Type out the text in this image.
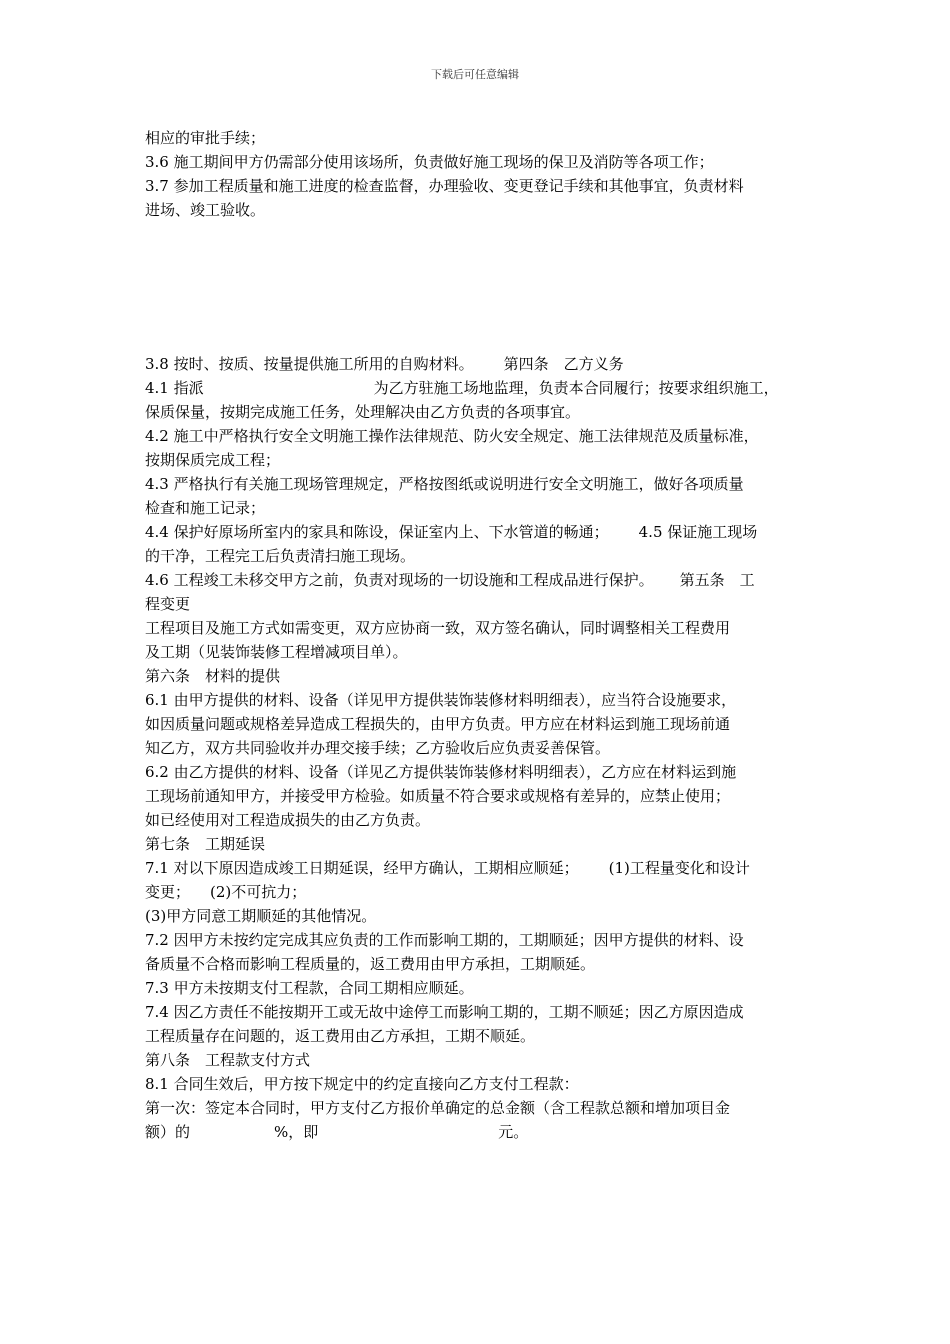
下载后可任意编辑

相应的审批手续；

3.6 施工期间甲方仍需部分使用该场所，负责做好施工现场的保卫及消防等各项工作；

3.7 参加工程质量和施工进度的检查监督，办理验收、变更登记手续和其他事宜，负责材料
进场、竣工验收。

3.8 按时、按质、按量提供施工所用的自购材料。 第四条　乙方义务

4.1 指派	为乙方驻施工场地监理，负责本合同履行；按要求组织施工，
保质保量，按期完成施工任务，处理解决由乙方负责的各项事宜。

4.2 施工中严格执行安全文明施工操作法律规范、防火安全规定、施工法律规范及质量标准，
按期保质完成工程；

4.3 严格执行有关施工现场管理规定，严格按图纸或说明进行安全文明施工，做好各项质量
检查和施工记录；

4.4 保护好原场所室内的家具和陈设，保证室内上、下水管道的畅通； 4.5 保证施工现场
的干净，工程完工后负责清扫施工现场。

4.6 工程竣工未移交甲方之前，负责对现场的一切设施和工程成品进行保护。 第五条　工
程变更

工程项目及施工方式如需变更，双方应协商一致，双方签名确认，同时调整相关工程费用
及工期（见装饰装修工程增减项目单）。

第六条　材料的提供

6.1 由甲方提供的材料、设备（详见甲方提供装饰装修材料明细表），应当符合设施要求，
如因质量问题或规格差异造成工程损失的，由甲方负责。甲方应在材料运到施工现场前通
知乙方，双方共同验收并办理交接手续；乙方验收后应负责妥善保管。

6.2 由乙方提供的材料、设备（详见乙方提供装饰装修材料明细表），乙方应在材料运到施
工现场前通知甲方，并接受甲方检验。如质量不符合要求或规格有差异的，应禁止使用；
如已经使用对工程造成损失的由乙方负责。

第七条　工期延误

7.1 对以下原因造成竣工日期延误，经甲方确认，工期相应顺延； (1)工程量变化和设计
变更； (2)不可抗力；

(3)甲方同意工期顺延的其他情况。

7.2 因甲方未按约定完成其应负责的工作而影响工期的，工期顺延；因甲方提供的材料、设
备质量不合格而影响工程质量的，返工费用由甲方承担，工期顺延。

7.3 甲方未按期支付工程款，合同工期相应顺延。

7.4 因乙方责任不能按期开工或无故中途停工而影响工期的，工期不顺延；因乙方原因造成
工程质量存在问题的，返工费用由乙方承担，工期不顺延。

第八条　工程款支付方式

8.1 合同生效后，甲方按下规定中的约定直接向乙方支付工程款：

第一次：签定本合同时，甲方支付乙方报价单确定的总金额（含工程款总额和增加项目金
额）的	%，即	元。
